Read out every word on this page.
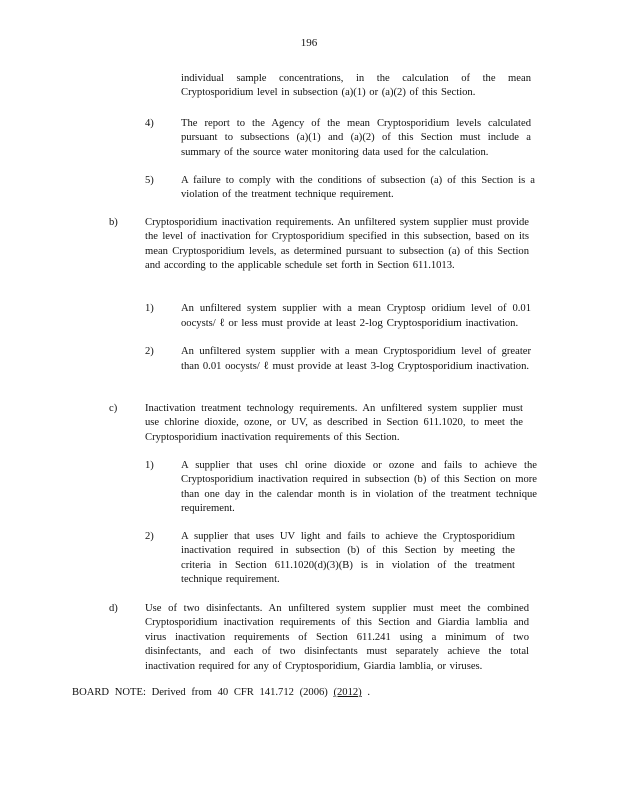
196

individual sample concentrations, in the calculation of the mean Cryptosporidium level in subsection (a)(1) or (a)(2) of this Section.

4)	The report to the Agency of the mean Cryptosporidium levels calculated pursuant to subsections (a)(1) and (a)(2) of this Section must include a summary of the source water monitoring data used for the calculation.

5)	A failure to comply with the conditions of subsection (a) of this Section is a violation of the treatment technique requirement.

b)	Cryptosporidium inactivation requirements. An unfiltered system supplier must provide the level of inactivation for Cryptosporidium specified in this subsection, based on its mean Cryptosporidium levels, as determined pursuant to subsection (a) of this Section and according to the applicable schedule set forth in Section 611.1013.

1)	An unfiltered system supplier with a mean Cryptosp oridium level of 0.01 oocysts/ ℓ or less must provide at least 2-log Cryptosporidium inactivation.

2)	An unfiltered system supplier with a mean Cryptosporidium level of greater than 0.01 oocysts/ ℓ must provide at least 3-log Cryptosporidium inactivation.

c)	Inactivation treatment technology requirements. An unfiltered system supplier must use chlorine dioxide, ozone, or UV, as described in Section 611.1020, to meet the Cryptosporidium inactivation requirements of this Section.

1)	A supplier that uses chl orine dioxide or ozone and fails to achieve the Cryptosporidium inactivation required in subsection (b) of this Section on more than one day in the calendar month is in violation of the treatment technique requirement.

2)	A supplier that uses UV light and fails to achieve the Cryptosporidium inactivation required in subsection (b) of this Section by meeting the criteria in Section 611.1020(d)(3)(B) is in violation of the treatment technique requirement.

d)	Use of two disinfectants. An unfiltered system supplier must meet the combined Cryptosporidium inactivation requirements of this Section and Giardia lamblia and virus inactivation requirements of Section 611.241 using a minimum of two disinfectants, and each of two disinfectants must separately achieve the total inactivation required for any of Cryptosporidium, Giardia lamblia, or viruses.

BOARD NOTE: Derived from 40 CFR 141.712 (2006) (2012) .
